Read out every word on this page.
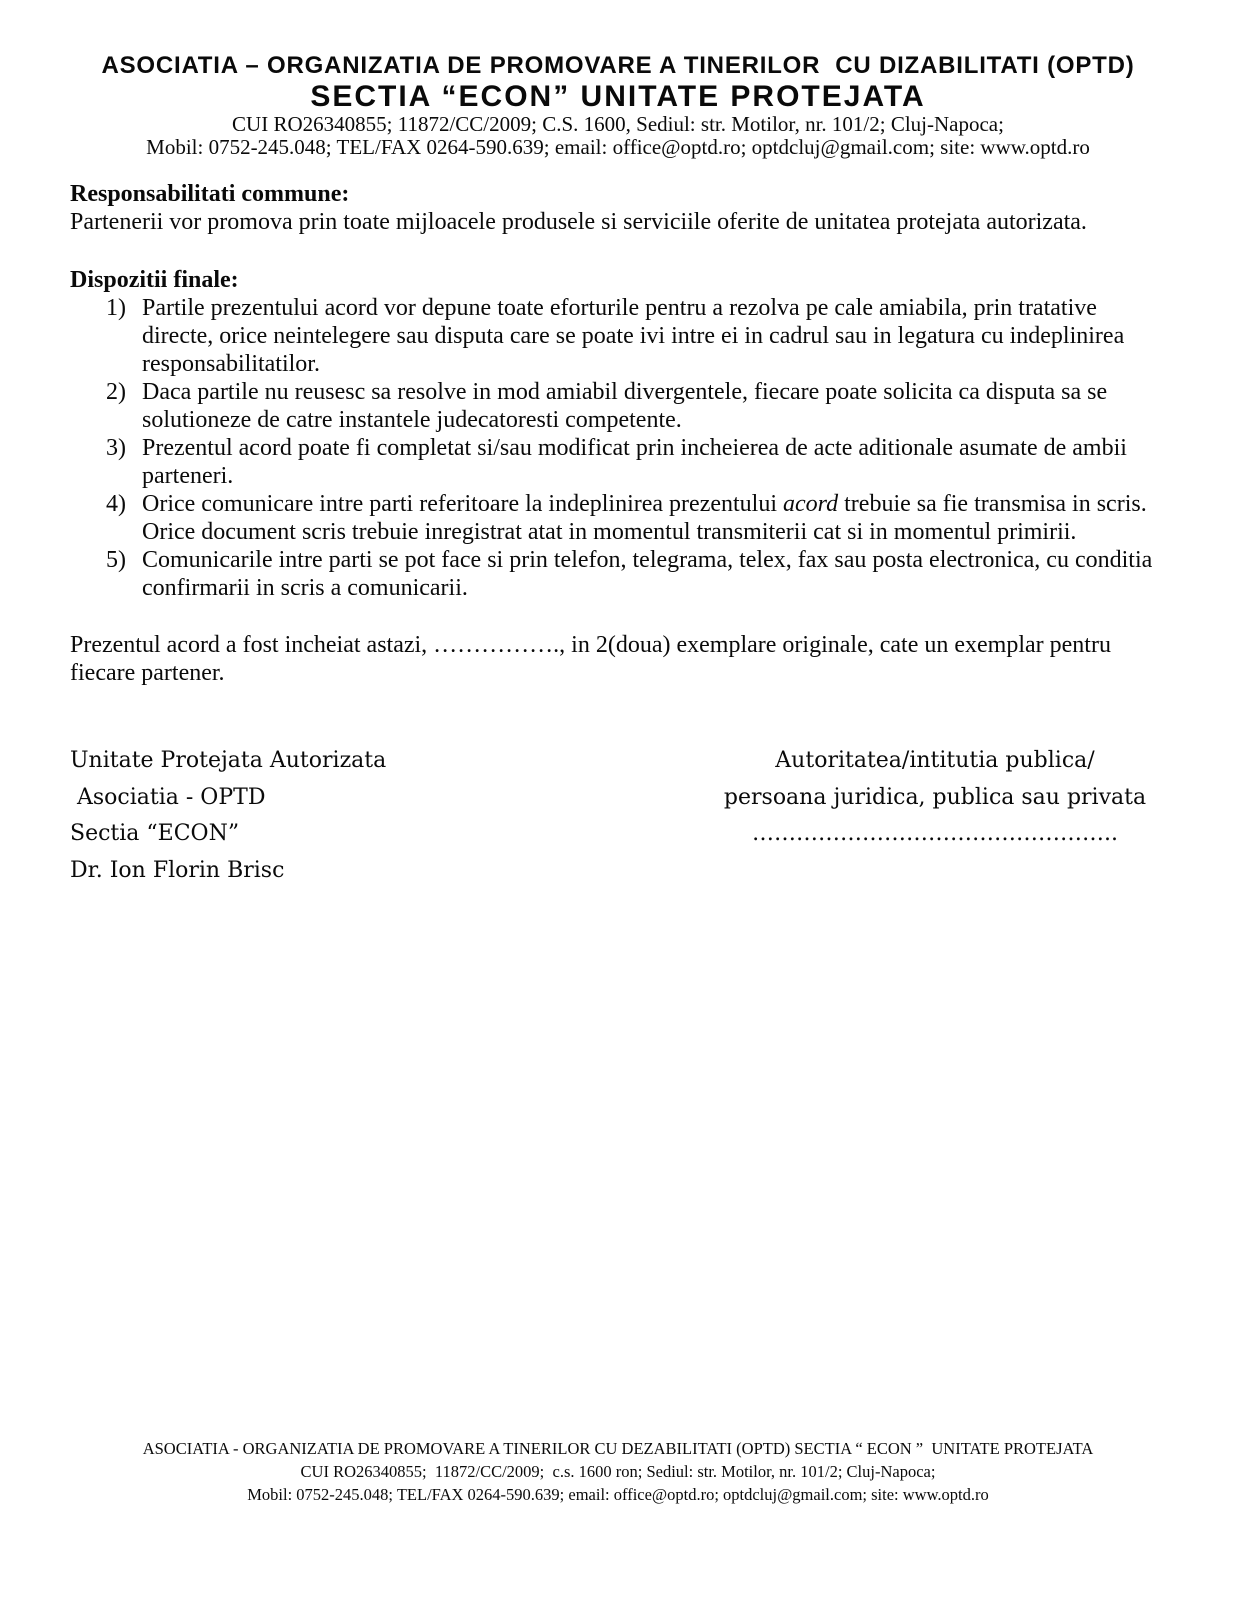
ASOCIATIA – ORGANIZATIA DE PROMOVARE A TINERILOR  CU DIZABILITATI (OPTD)
SECTIA “ECON” UNITATE PROTEJATA
CUI RO26340855; 11872/CC/2009; C.S. 1600, Sediul: str. Motilor, nr. 101/2; Cluj-Napoca;
Mobil: 0752-245.048; TEL/FAX 0264-590.639; email: office@optd.ro; optdcluj@gmail.com; site: www.optd.ro
Responsabilitati commune:

Partenerii vor promova prin toate mijloacele produsele si serviciile oferite de unitatea protejata autorizata.

Dispozitii finale:
1) Partile prezentului acord vor depune toate eforturile pentru a rezolva pe cale amiabila, prin tratative directe, orice neintelegere sau disputa care se poate ivi intre ei in cadrul sau in legatura cu indeplinirea responsabilitatilor.
2) Daca partile nu reusesc sa resolve in mod amiabil divergentele, fiecare poate solicita ca disputa sa se solutioneze de catre instantele judecatoresti competente.
3) Prezentul acord poate fi completat si/sau modificat prin incheierea de acte aditionale asumate de ambii parteneri.
4) Orice comunicare intre parti referitoare la indeplinirea prezentului acord trebuie sa fie transmisa in scris. Orice document scris trebuie inregistrat atat in momentul transmiterii cat si in momentul primirii.
5) Comunicarile intre parti se pot face si prin telefon, telegrama, telex, fax sau posta electronica, cu conditia confirmarii in scris a comunicarii.

Prezentul acord a fost incheiat astazi, ……………., in 2(doua) exemplare originale, cate un exemplar pentru fiecare partener.

Unitate Protejata Autorizata
Asociatia - OPTD
Sectia “ECON”
Dr. Ion Florin Brisc
Autoritatea/intitutia publica/
persoana juridica, publica sau privata
…………………………………………..
ASOCIATIA - ORGANIZATIA DE PROMOVARE A TINERILOR CU DEZABILITATI (OPTD) SECTIA “ ECON ”  UNITATE PROTEJATA
CUI RO26340855;  11872/CC/2009;  c.s. 1600 ron; Sediul: str. Motilor, nr. 101/2; Cluj-Napoca;
Mobil: 0752-245.048; TEL/FAX 0264-590.639; email: office@optd.ro; optdcluj@gmail.com; site: www.optd.ro
